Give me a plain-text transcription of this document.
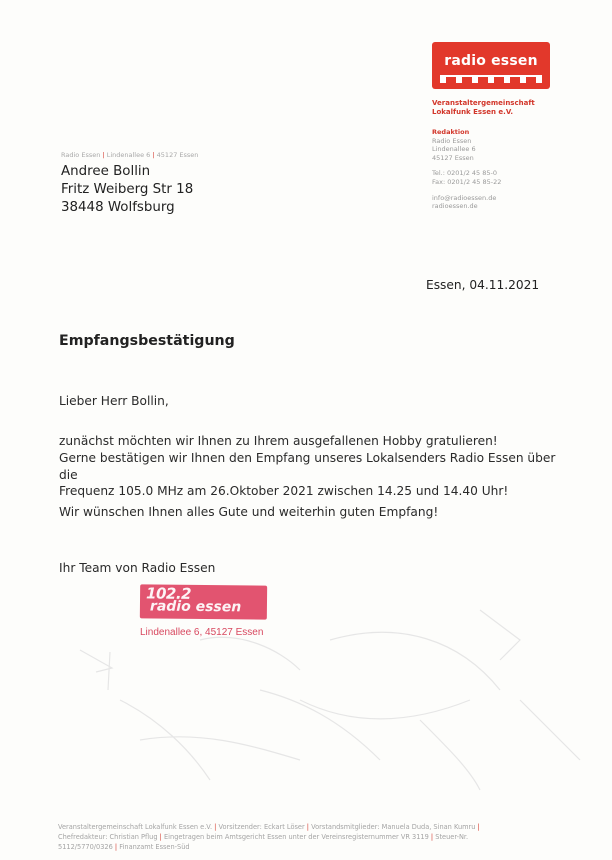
radio essen
Veranstaltergemeinschaft
Lokalfunk Essen e.V.
Redaktion
Radio Essen
Lindenallee 6
45127 Essen
Tel.: 0201/2 45 85-0
Fax: 0201/2 45 85-22
info@radioessen.de
radioessen.de
Radio Essen | Lindenallee 6 | 45127 Essen
Andree Bollin
Fritz Weiberg Str 18
38448 Wolfsburg
Essen, 04.11.2021
Empfangsbestätigung
Lieber Herr Bollin,
zunächst möchten wir Ihnen zu Ihrem ausgefallenen Hobby gratulieren!
Gerne bestätigen wir Ihnen den Empfang unseres Lokalsenders Radio Essen über die
Frequenz 105.0 MHz am 26.Oktober 2021 zwischen 14.25 und 14.40 Uhr!
Wir wünschen Ihnen alles Gute und weiterhin guten Empfang!
Ihr Team von Radio Essen
102.2
radio essen
Lindenallee 6, 45127 Essen
Veranstaltergemeinschaft Lokalfunk Essen e.V. | Vorsitzender: Eckart Löser | Vorstandsmitglieder: Manuela Duda, Sinan Kumru |
Chefredakteur: Christian Pflug | Eingetragen beim Amtsgericht Essen unter der Vereinsregisternummer VR 3119 | Steuer-Nr.
5112/5770/0326 | Finanzamt Essen-Süd
